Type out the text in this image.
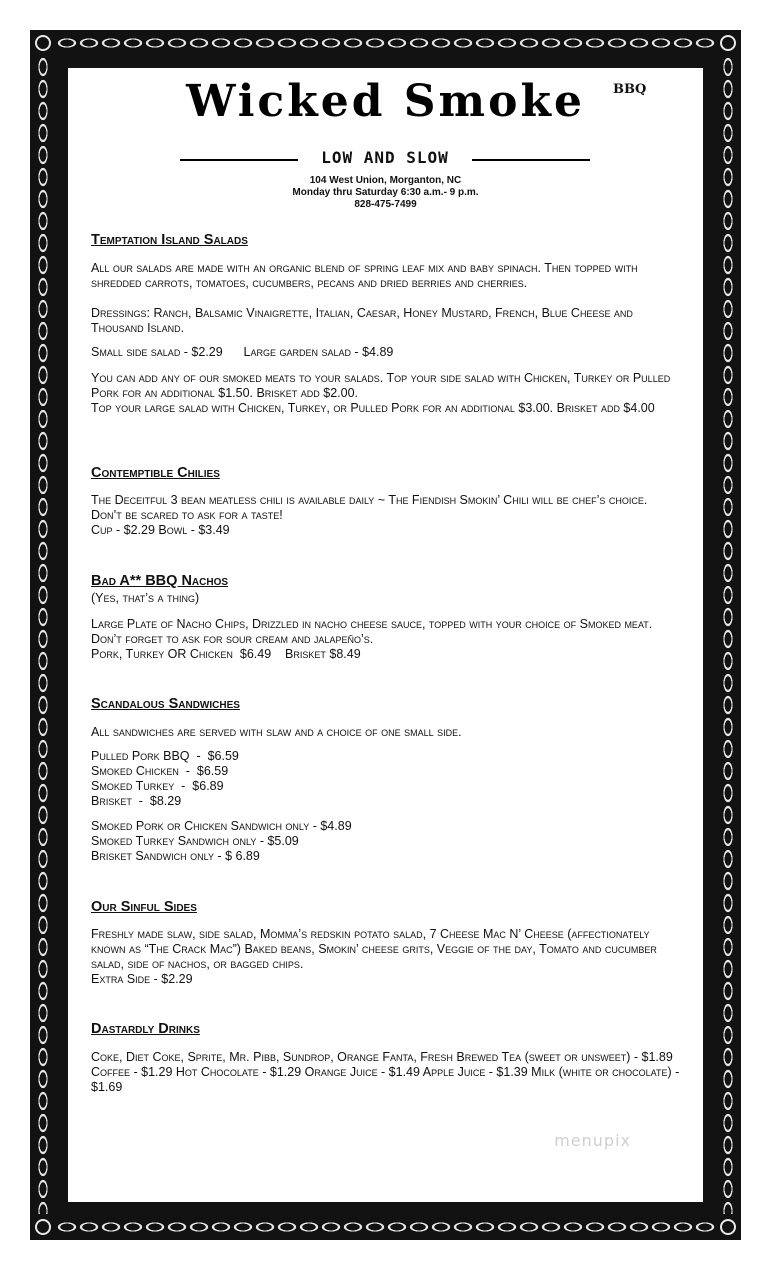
Wicked Smoke	BBQ
LOW AND SLOW
104 West Union, Morganton, NC
Monday thru Saturday 6:30 a.m.- 9 p.m.
828-475-7499
Temptation Island Salads

All our salads are made with an organic blend of spring leaf mix and baby spinach. Then topped with shredded carrots, tomatoes, cucumbers, pecans and dried berries and cherries.

Dressings: Ranch, Balsamic Vinaigrette, Italian, Caesar, Honey Mustard, French, Blue Cheese and Thousand Island.

Small side salad - $2.29      Large garden salad - $4.89

You can add any of our smoked meats to your salads. Top your side salad with Chicken, Turkey or Pulled Pork for an additional $1.50. Brisket add $2.00.

Top your large salad with Chicken, Turkey, or Pulled Pork for an additional $3.00. Brisket add $4.00

Contemptible Chilies

The Deceitful 3 bean meatless chili is available daily ~ The Fiendish Smokin’ Chili will be chef’s choice. Don’t be scared to ask for a taste!

Cup - $2.29 Bowl - $3.49

Bad A** BBQ Nachos

(Yes, that’s a thing)

Large Plate of Nacho Chips, Drizzled in nacho cheese sauce, topped with your choice of Smoked meat. Don’t forget to ask for sour cream and jalapeño’s.

Pork, Turkey OR Chicken  $6.49    Brisket $8.49

Scandalous Sandwiches

All sandwiches are served with slaw and a choice of one small side.

Pulled Pork BBQ  -  $6.59

Smoked Chicken  -  $6.59

Smoked Turkey  -  $6.89

Brisket  -  $8.29

Smoked Pork or Chicken Sandwich only - $4.89

Smoked Turkey Sandwich only - $5.09

Brisket Sandwich only - $ 6.89

Our Sinful Sides

Freshly made slaw, side salad, Momma’s redskin potato salad, 7 Cheese Mac N’ Cheese (affectionately known as “The Crack Mac”) Baked beans, Smokin’ cheese grits, Veggie of the day, Tomato and cucumber salad, side of nachos, or bagged chips.

Extra Side - $2.29

Dastardly Drinks

Coke, Diet Coke, Sprite, Mr. Pibb, Sundrop, Orange Fanta, Fresh Brewed Tea (sweet or unsweet) - $1.89 Coffee - $1.29 Hot Chocolate - $1.29 Orange Juice - $1.49 Apple Juice - $1.39 Milk (white or chocolate) - $1.69

menupix
